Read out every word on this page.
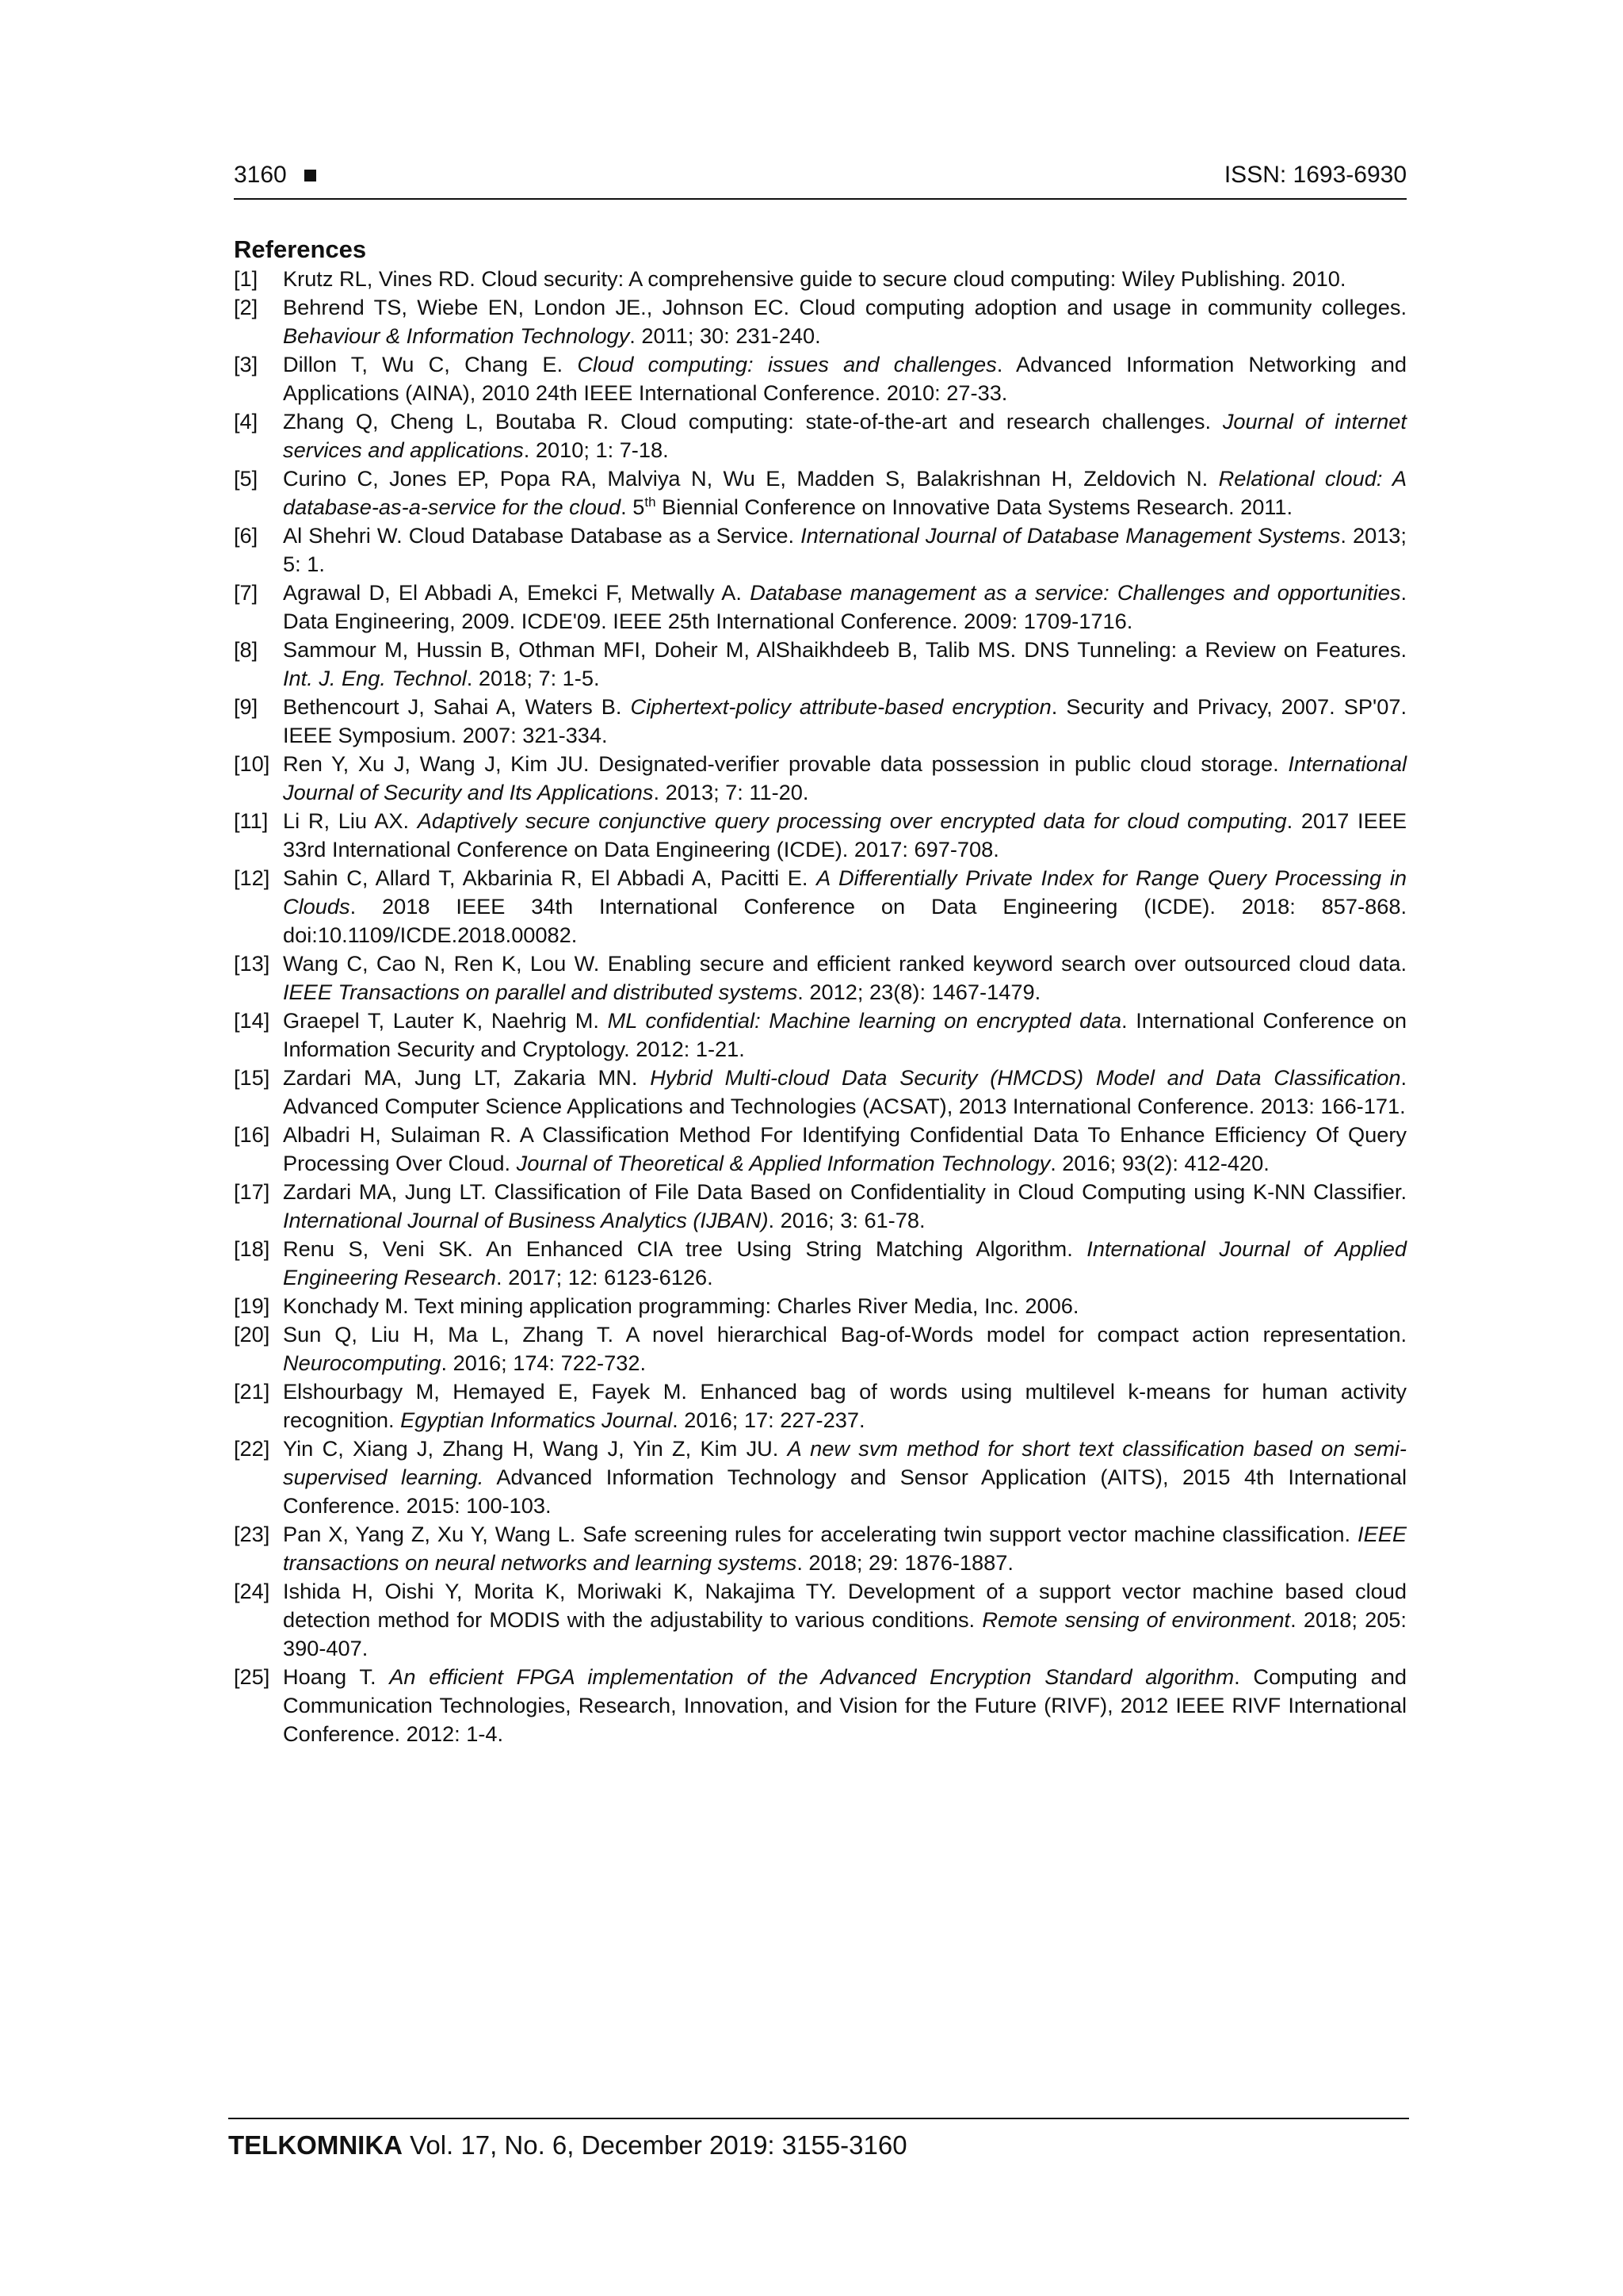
3160	ISSN: 1693-6930
References
[1]	Krutz RL, Vines RD. Cloud security: A comprehensive guide to secure cloud computing: Wiley Publishing. 2010.
[2]	Behrend TS, Wiebe EN, London JE., Johnson EC. Cloud computing adoption and usage in community colleges. Behaviour & Information Technology. 2011; 30: 231-240.
[3]	Dillon T, Wu C, Chang E. Cloud computing: issues and challenges. Advanced Information Networking and Applications (AINA), 2010 24th IEEE International Conference. 2010: 27-33.
[4]	Zhang Q, Cheng L, Boutaba R. Cloud computing: state-of-the-art and research challenges. Journal of internet services and applications. 2010; 1: 7-18.
[5]	Curino C, Jones EP, Popa RA, Malviya N, Wu E, Madden S, Balakrishnan H, Zeldovich N. Relational cloud: A database-as-a-service for the cloud. 5th Biennial Conference on Innovative Data Systems Research. 2011.
[6]	Al Shehri W. Cloud Database Database as a Service. International Journal of Database Management Systems. 2013; 5: 1.
[7]	Agrawal D, El Abbadi A, Emekci F, Metwally A. Database management as a service: Challenges and opportunities. Data Engineering, 2009. ICDE'09. IEEE 25th International Conference. 2009: 1709-1716.
[8]	Sammour M, Hussin B, Othman MFI, Doheir M, AlShaikhdeeb B, Talib MS. DNS Tunneling: a Review on Features. Int. J. Eng. Technol. 2018; 7: 1-5.
[9]	Bethencourt J, Sahai A, Waters B. Ciphertext-policy attribute-based encryption. Security and Privacy, 2007. SP'07. IEEE Symposium. 2007: 321-334.
[10] Ren Y, Xu J, Wang J, Kim JU. Designated-verifier provable data possession in public cloud storage. International Journal of Security and Its Applications. 2013; 7: 11-20.
[11] Li R, Liu AX. Adaptively secure conjunctive query processing over encrypted data for cloud computing. 2017 IEEE 33rd International Conference on Data Engineering (ICDE). 2017: 697-708.
[12] Sahin C, Allard T, Akbarinia R, El Abbadi A, Pacitti E. A Differentially Private Index for Range Query Processing in Clouds. 2018 IEEE 34th International Conference on Data Engineering (ICDE). 2018: 857-868. doi:10.1109/ICDE.2018.00082.
[13] Wang C, Cao N, Ren K, Lou W. Enabling secure and efficient ranked keyword search over outsourced cloud data. IEEE Transactions on parallel and distributed systems. 2012; 23(8): 1467-1479.
[14] Graepel T, Lauter K, Naehrig M. ML confidential: Machine learning on encrypted data. International Conference on Information Security and Cryptology. 2012: 1-21.
[15] Zardari MA, Jung LT, Zakaria MN. Hybrid Multi-cloud Data Security (HMCDS) Model and Data Classification. Advanced Computer Science Applications and Technologies (ACSAT), 2013 International Conference. 2013: 166-171.
[16] Albadri H, Sulaiman R. A Classification Method For Identifying Confidential Data To Enhance Efficiency Of Query Processing Over Cloud. Journal of Theoretical & Applied Information Technology. 2016; 93(2): 412-420.
[17] Zardari MA, Jung LT. Classification of File Data Based on Confidentiality in Cloud Computing using K-NN Classifier. International Journal of Business Analytics (IJBAN). 2016; 3: 61-78.
[18] Renu S, Veni SK. An Enhanced CIA tree Using String Matching Algorithm. International Journal of Applied Engineering Research. 2017; 12: 6123-6126.
[19] Konchady M. Text mining application programming: Charles River Media, Inc. 2006.
[20] Sun Q, Liu H, Ma L, Zhang T. A novel hierarchical Bag-of-Words model for compact action representation. Neurocomputing. 2016; 174: 722-732.
[21] Elshourbagy M, Hemayed E, Fayek M. Enhanced bag of words using multilevel k-means for human activity recognition. Egyptian Informatics Journal. 2016; 17: 227-237.
[22] Yin C, Xiang J, Zhang H, Wang J, Yin Z, Kim JU. A new svm method for short text classification based on semi-supervised learning. Advanced Information Technology and Sensor Application (AITS), 2015 4th International Conference. 2015: 100-103.
[23] Pan X, Yang Z, Xu Y, Wang L. Safe screening rules for accelerating twin support vector machine classification. IEEE transactions on neural networks and learning systems. 2018; 29: 1876-1887.
[24] Ishida H, Oishi Y, Morita K, Moriwaki K, Nakajima TY. Development of a support vector machine based cloud detection method for MODIS with the adjustability to various conditions. Remote sensing of environment. 2018; 205: 390-407.
[25] Hoang T. An efficient FPGA implementation of the Advanced Encryption Standard algorithm. Computing and Communication Technologies, Research, Innovation, and Vision for the Future (RIVF), 2012 IEEE RIVF International Conference. 2012: 1-4.
TELKOMNIKA Vol. 17, No. 6, December 2019: 3155-3160
